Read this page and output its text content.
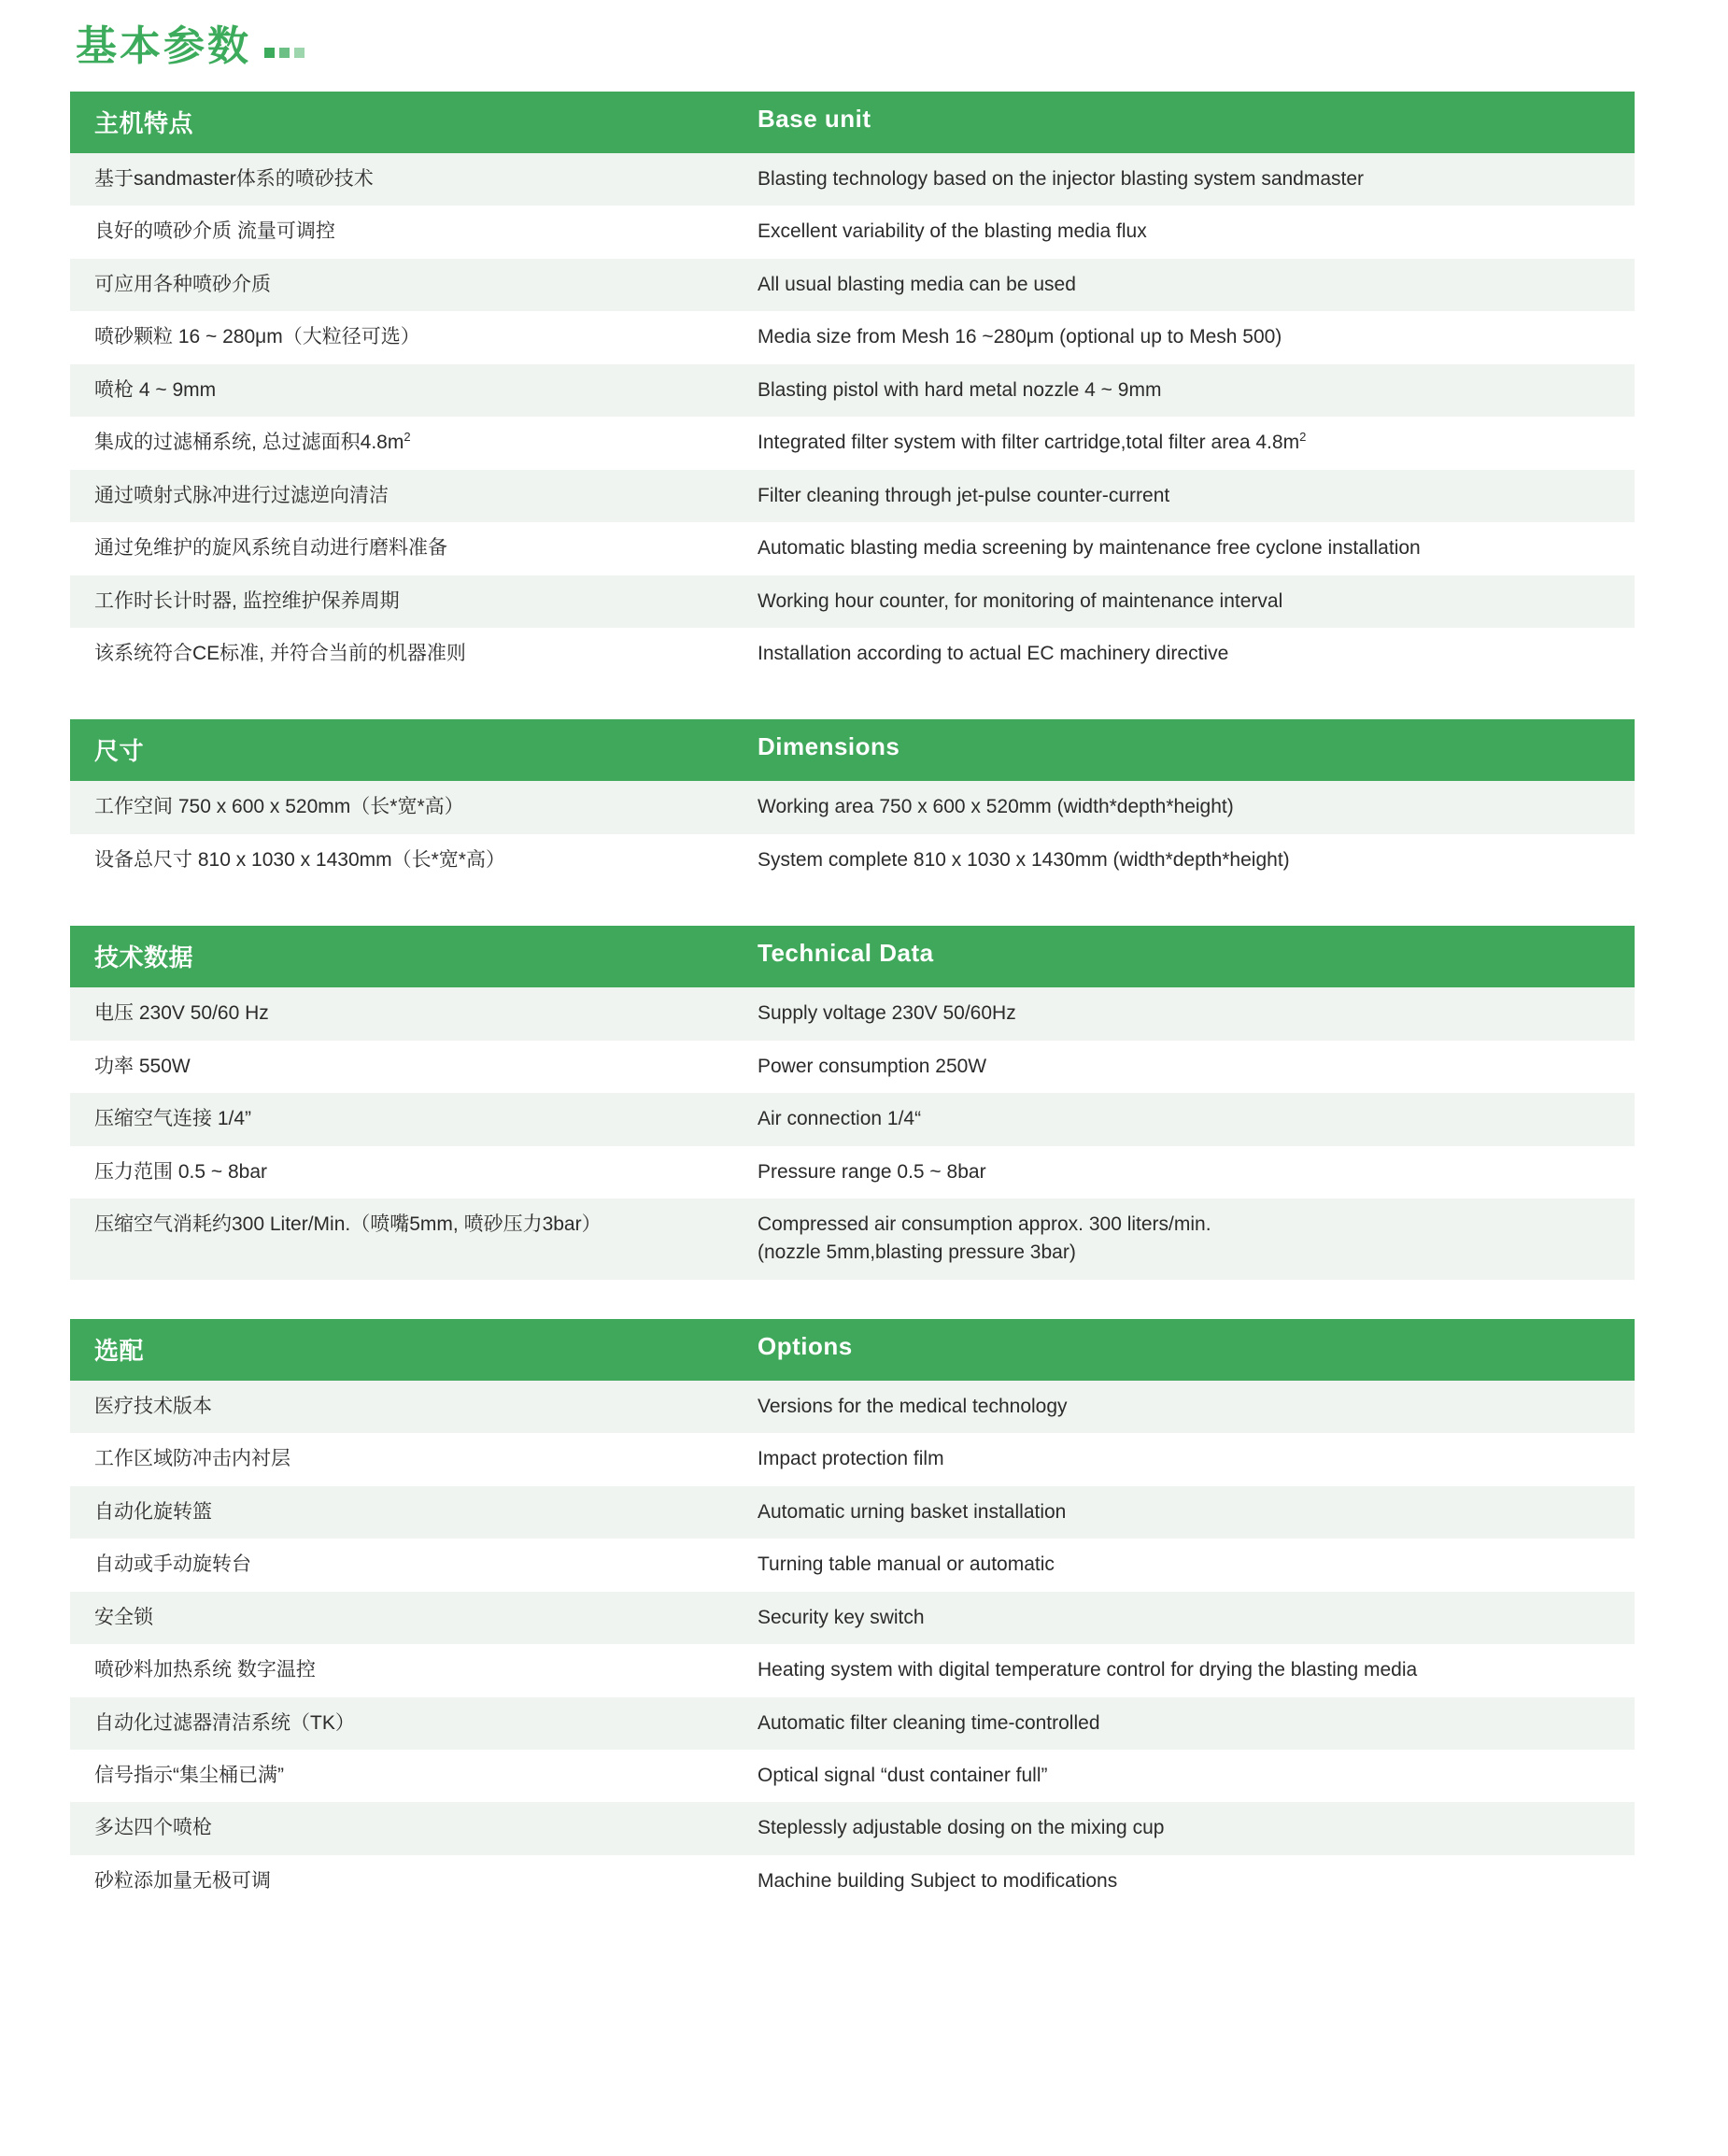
基本参数
主机特点	Base unit
基于sandmaster体系的喷砂技术	Blasting technology based on the injector blasting system sandmaster
良好的喷砂介质 流量可调控	Excellent variability of the blasting media flux
可应用各种喷砂介质	All usual blasting media can be used
喷砂颗粒 16 ~ 280μm（大粒径可选）	Media size from Mesh 16 ~280μm (optional up to Mesh 500)
喷枪 4 ~ 9mm	Blasting pistol with hard metal nozzle 4 ~ 9mm
集成的过滤桶系统, 总过滤面积$4.8m^2$	Integrated filter system with filter cartridge,total filter area $4.8m^2$
通过喷射式脉冲进行过滤逆向清洁	Filter cleaning through jet-pulse counter-current
通过免维护的旋风系统自动进行磨料准备	Automatic blasting media screening by maintenance free cyclone installation
工作时长计时器, 监控维护保养周期	Working hour counter, for monitoring of maintenance interval
该系统符合CE标准, 并符合当前的机器准则	Installation according to actual EC machinery directive
尺寸	Dimensions
工作空间 750 x 600 x 520mm（长*宽*高）	Working area 750 x 600 x 520mm (width*depth*height)
设备总尺寸 810 x 1030 x 1430mm（长*宽*高）	System complete 810 x 1030 x 1430mm (width*depth*height)
技术数据	Technical Data
电压 230V 50/60 Hz	Supply voltage 230V 50/60Hz
功率 550W	Power consumption 250W
压缩空气连接 1/4”	Air connection 1/4“
压力范围 0.5 ~ 8bar	Pressure range 0.5 ~ 8bar
压缩空气消耗约300 Liter/Min.（喷嘴5mm, 喷砂压力3bar）	Compressed air consumption approx. 300 liters/min.
(nozzle 5mm,blasting pressure 3bar)
选配	Options
医疗技术版本	Versions for the medical technology
工作区域防冲击内衬层	Impact protection film
自动化旋转篮	Automatic urning basket installation
自动或手动旋转台	Turning table manual or automatic
安全锁	Security key switch
喷砂料加热系统 数字温控	Heating system with digital temperature control for drying the blasting media
自动化过滤器清洁系统（TK）	Automatic filter cleaning time-controlled
信号指示“集尘桶已满”	Optical signal “dust container full”
多达四个喷枪	Steplessly adjustable dosing on the mixing cup
砂粒添加量无极可调	Machine building Subject to modifications
